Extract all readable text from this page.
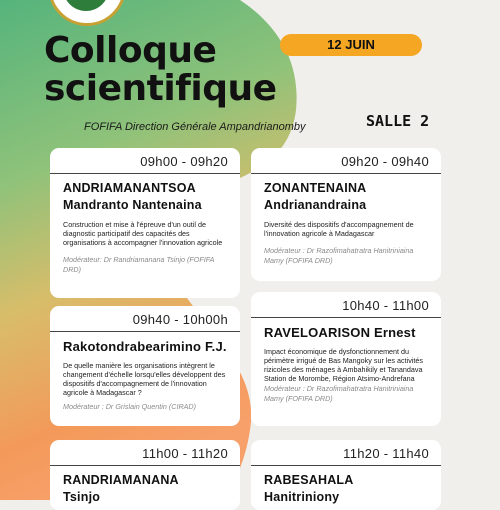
Colloque
scientifique
12 JUIN
FOFIFA Direction Générale Ampandrianomby	SALLE 2
09h00 - 09h20
ANDRIAMANANTSOA
Mandranto Nantenaina
Construction et mise à l'épreuve d'un outil de diagnostic participatif des capacités des organisations à accompagner l'innovation agricole
Modérateur: Dr Randriamanana Tsinjo (FOFIFA DRD)
09h20 - 09h40
ZONANTENAINA
Andrianandraina
Diversité des dispositifs d'accompagnement de l'innovation agricole à Madagascar
Modérateur : Dr Razofimahatratra Hanitriniaina Mamy (FOFIFA DRD)
09h40 - 10h00h
Rakotondrabearimino F.J.
De quelle manière les organisations intègrent le changement d'échelle lorsqu'elles développent des dispositifs d'accompagnement de l'innovation agricole à Madagascar ?
Modérateur : Dr Grislain Quentin (CIRAD)
10h40 - 11h00
RAVELOARISON Ernest
Impact économique de dysfonctionnement du périmètre irrigué de Bas Mangoky sur les activités rizicoles des ménages à Ambahikily et Tanandava Station de Morombe, Région Atsimo-Andrefana
Modérateur : Dr Razofimahatratra Hanitriniaina Mamy (FOFIFA DRD)
11h00 - 11h20
RANDRIAMANANA
Tsinjo
11h20 - 11h40
RABESAHALA
Hanitriniony
